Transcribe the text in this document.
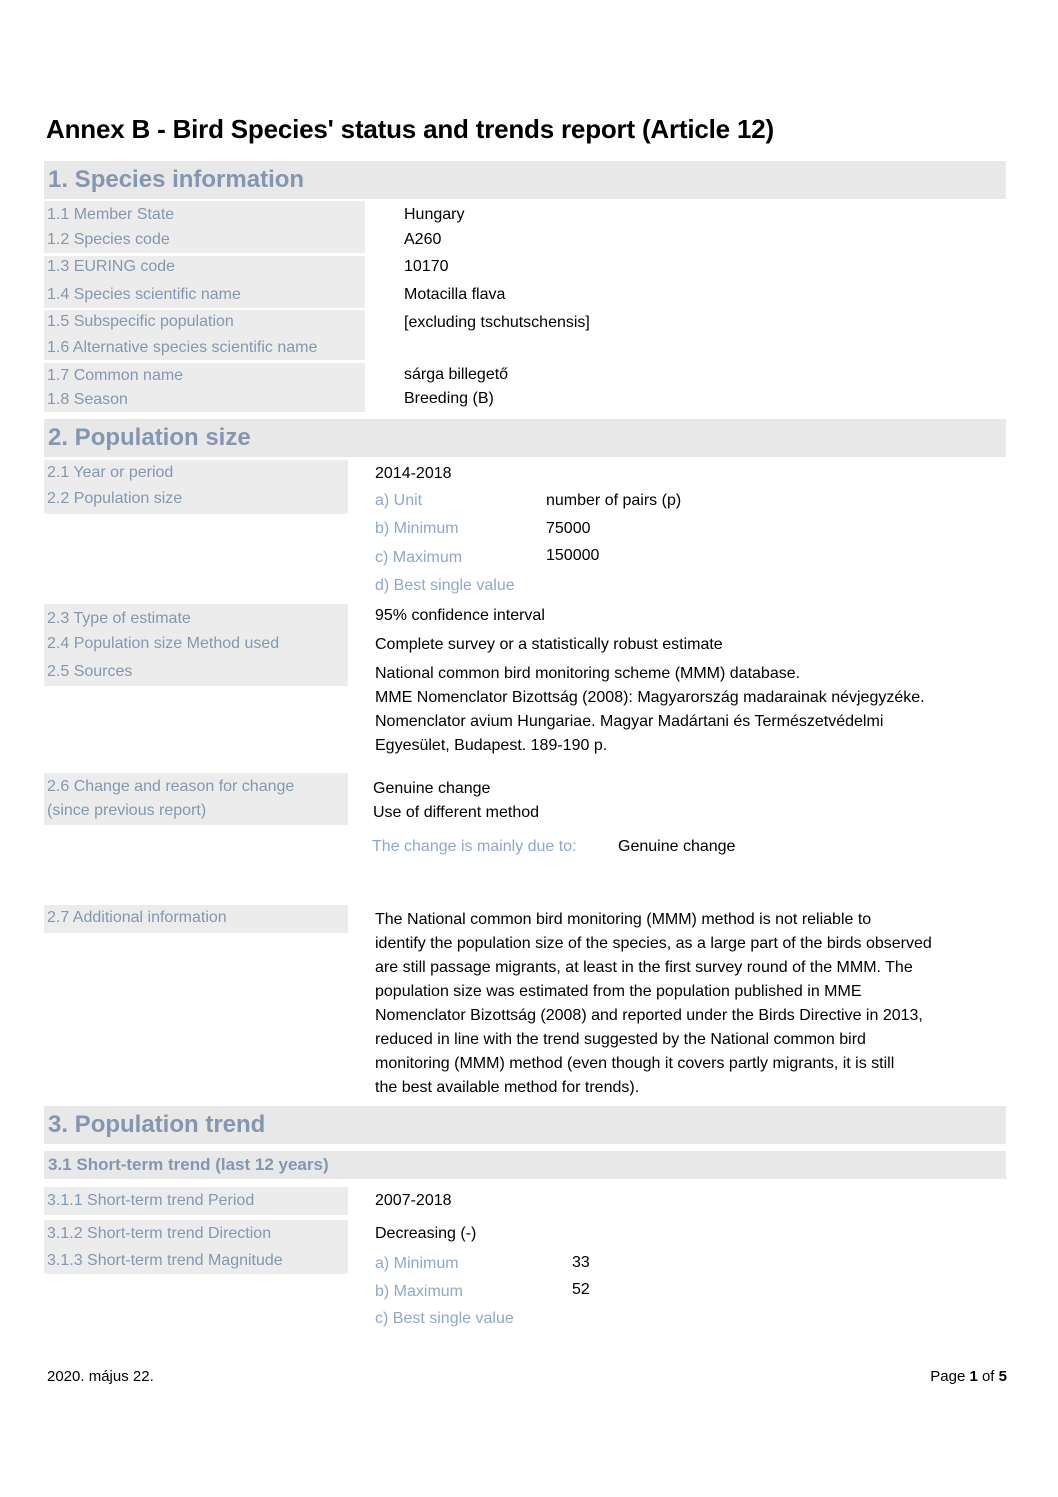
Annex B - Bird Species' status and trends report (Article 12)
1. Species information
1.1 Member State	Hungary
1.2 Species code	A260
1.3 EURING code	10170
1.4 Species scientific name	Motacilla flava
1.5 Subspecific population	[excluding tschutschensis]
1.6 Alternative species scientific name
1.7 Common name	sárga billegető
1.8 Season	Breeding (B)
2. Population size
2.1 Year or period	2014-2018
2.2 Population size	a) Unit	number of pairs (p)
b) Minimum	75000
c) Maximum	150000
d) Best single value
2.3 Type of estimate	95% confidence interval
2.4 Population size Method used	Complete survey or a statistically robust estimate
2.5 Sources	National common bird monitoring scheme (MMM) database.
MME Nomenclator Bizottság (2008): Magyarország madarainak névjegyzéke.
Nomenclator avium Hungariae. Magyar Madártani és Természetvédelmi
Egyesület, Budapest. 189-190 p.
2.6 Change and reason for change
(since previous report)
Genuine change
Use of different method
The change is mainly due to:	Genuine change
2.7 Additional information	The National common bird monitoring (MMM) method is not reliable to
identify the population size of the species, as a large part of the birds observed
are still passage migrants, at least in the first survey round of the MMM. The
population size was estimated from the population published in MME
Nomenclator Bizottság (2008) and reported under the Birds Directive in 2013,
reduced in line with the trend suggested by the National common bird
monitoring (MMM) method (even though it covers partly migrants, it is still
the best available method for trends).
3. Population trend
3.1 Short-term trend (last 12 years)
3.1.1 Short-term trend Period	2007-2018
3.1.2 Short-term trend Direction	Decreasing (-)
3.1.3 Short-term trend Magnitude	a) Minimum	33
b) Maximum	52
c) Best single value
2020. május 22.	Page 1 of 5
